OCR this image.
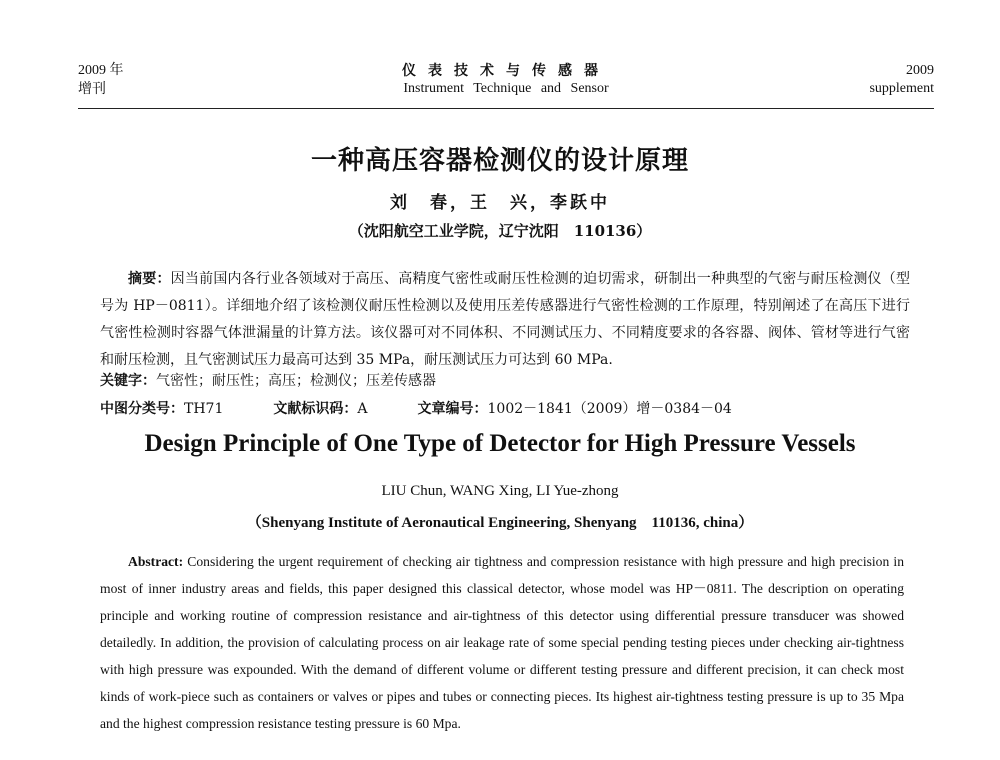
2009 年
增刊
仪表技术与传感器
Instrument Technique and Sensor
2009
supplement
一种高压容器检测仪的设计原理
刘　春，王　兴，李跃中
（沈阳航空工业学院，辽宁沈阳　110136）
摘要：因当前国内各行业各领域对于高压、高精度气密性或耐压性检测的迫切需求，研制出一种典型的气密与耐压检测仪（型号为 HP－0811）。详细地介绍了该检测仪耐压性检测以及使用压差传感器进行气密性检测的工作原理，特别阐述了在高压下进行气密性检测时容器气体泄漏量的计算方法。该仪器可对不同体积、不同测试压力、不同精度要求的各容器、阀体、管材等进行气密和耐压检测，且气密测试压力最高可达到 35 MPa，耐压测试压力可达到 60 MPa.
关键字：气密性；耐压性；高压；检测仪；压差传感器
中图分类号：TH71	文献标识码：A	文章编号：1002－1841（2009）增－0384－04
Design Principle of One Type of Detector for High Pressure Vessels
LIU Chun, WANG Xing, LI Yue-zhong
（Shenyang Institute of Aeronautical Engineering, Shenyang　110136, china）
Abstract: Considering the urgent requirement of checking air tightness and compression resistance with high pressure and high precision in most of inner industry areas and fields, this paper designed this classical detector, whose model was HP－0811. The description on operating principle and working routine of compression resistance and air-tightness of this detector using differential pressure transducer was showed detailedly. In addition, the provision of calculating process on air leakage rate of some special pending testing pieces under checking air-tightness with high pressure was expounded. With the demand of different volume or different testing pressure and different precision, it can check most kinds of work-piece such as containers or valves or pipes and tubes or connecting pieces. Its highest air-tightness testing pressure is up to 35 Mpa and the highest compression resistance testing pressure is 60 Mpa.
